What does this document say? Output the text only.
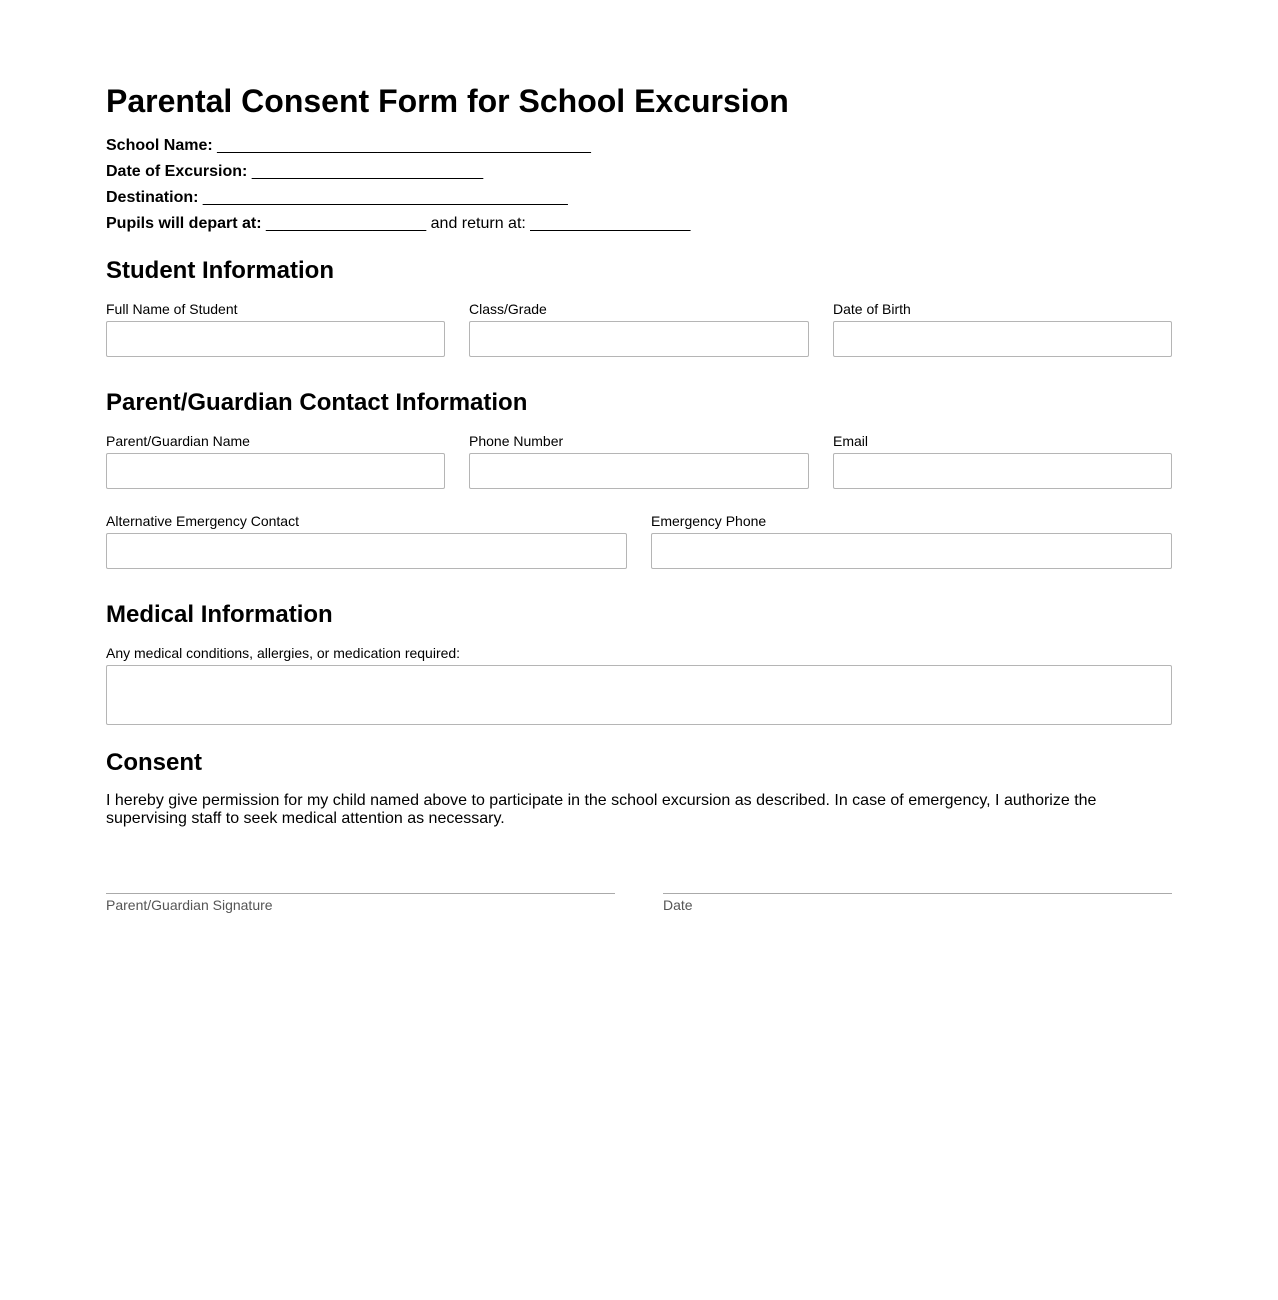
Parental Consent Form for School Excursion
School Name: __________________________________________
Date of Excursion: __________________________
Destination: _________________________________________
Pupils will depart at: __________________ and return at: __________________
Student Information
Full Name of Student	Class/Grade	Date of Birth
Parent/Guardian Contact Information
Parent/Guardian Name	Phone Number	Email
Alternative Emergency Contact	Emergency Phone
Medical Information
Any medical conditions, allergies, or medication required:
Consent
I hereby give permission for my child named above to participate in the school excursion as described. In case of emergency, I authorize the supervising staff to seek medical attention as necessary.
Parent/Guardian Signature	Date
